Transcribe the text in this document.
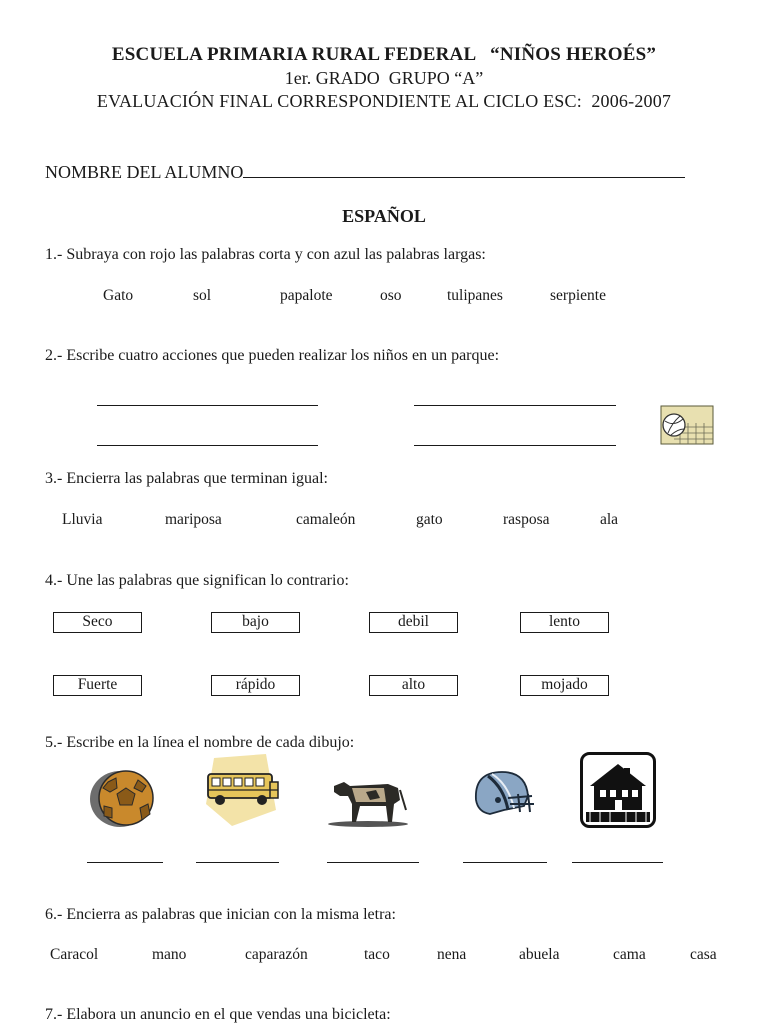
ESCUELA PRIMARIA RURAL FEDERAL   “NIÑOS HEROÉS”
1er. GRADO  GRUPO “A”
EVALUACIÓN FINAL CORRESPONDIENTE AL CICLO ESC:  2006-2007
NOMBRE DEL ALUMNO
ESPAÑOL
1.- Subraya con rojo las palabras corta y con azul las palabras largas:
Gato	sol	papalote	oso	tulipanes	serpiente
2.- Escribe cuatro acciones que pueden realizar los niños en un parque:
3.- Encierra las palabras que terminan igual:
Lluvia	mariposa	camaleón	gato	rasposa	ala
4.- Une las palabras que significan lo contrario:
Seco	bajo	debil	lento
Fuerte	rápido	alto	mojado
5.- Escribe en la línea el nombre de cada dibujo:
6.- Encierra as palabras que inician con la misma letra:
Caracol	mano	caparazón	taco	nena	abuela	cama	casa
7.- Elabora un anuncio en el que vendas una bicicleta:
